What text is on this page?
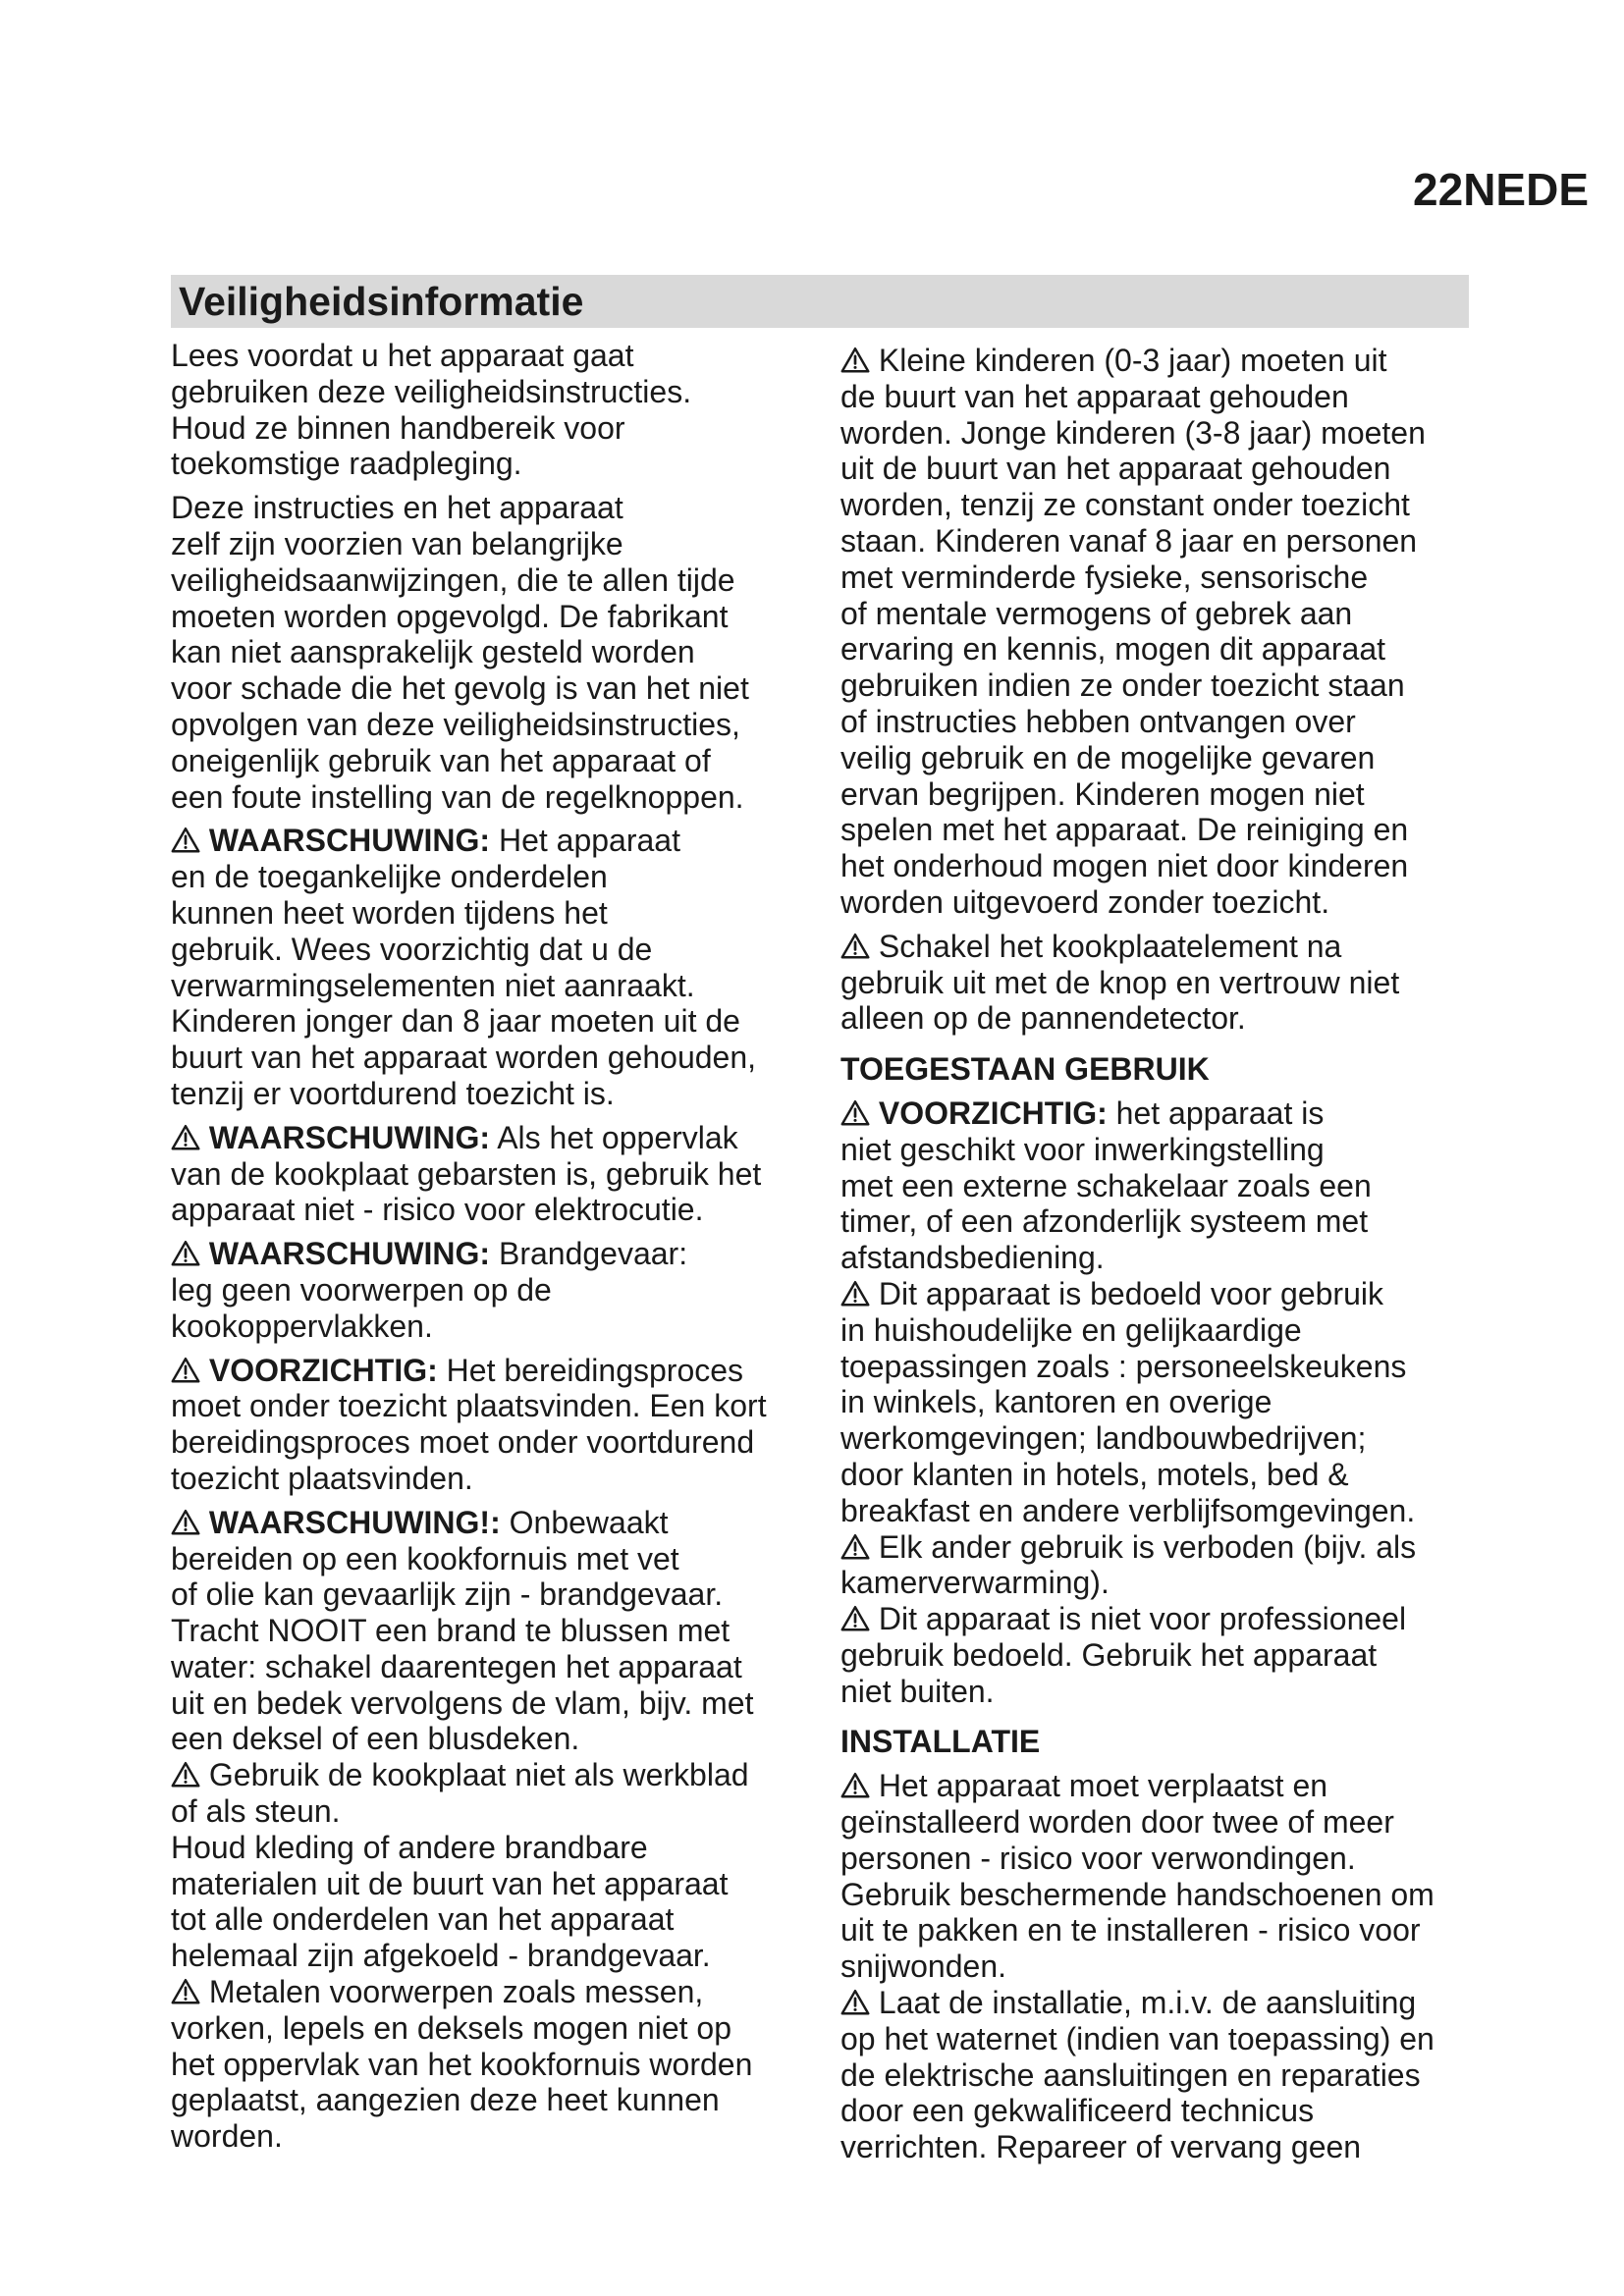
22NEDE
Veiligheidsinformatie

Lees voordat u het apparaat gaat
gebruiken deze veiligheidsinstructies.
Houd ze binnen handbereik voor
toekomstige raadpleging.

Deze instructies en het apparaat
zelf zijn voorzien van belangrijke
veiligheidsaanwijzingen, die te allen tijde
moeten worden opgevolgd. De fabrikant
kan niet aansprakelijk gesteld worden
voor schade die het gevolg is van het niet
opvolgen van deze veiligheidsinstructies,
oneigenlijk gebruik van het apparaat of
een foute instelling van de regelknoppen.

WAARSCHUWING: Het apparaat
en de toegankelijke onderdelen
kunnen heet worden tijdens het
gebruik. Wees voorzichtig dat u de
verwarmingselementen niet aanraakt.
Kinderen jonger dan 8 jaar moeten uit de
buurt van het apparaat worden gehouden,
tenzij er voortdurend toezicht is.

WAARSCHUWING: Als het oppervlak
van de kookplaat gebarsten is, gebruik het
apparaat niet - risico voor elektrocutie.

WAARSCHUWING: Brandgevaar:
leg geen voorwerpen op de
kookoppervlakken.

VOORZICHTIG: Het bereidingsproces
moet onder toezicht plaatsvinden. Een kort
bereidingsproces moet onder voortdurend
toezicht plaatsvinden.

WAARSCHUWING!: Onbewaakt
bereiden op een kookfornuis met vet
of olie kan gevaarlijk zijn - brandgevaar.
Tracht NOOIT een brand te blussen met
water: schakel daarentegen het apparaat
uit en bedek vervolgens de vlam, bijv. met
een deksel of een blusdeken.

Gebruik de kookplaat niet als werkblad
of als steun.

Houd kleding of andere brandbare
materialen uit de buurt van het apparaat
tot alle onderdelen van het apparaat
helemaal zijn afgekoeld - brandgevaar.

Metalen voorwerpen zoals messen,
vorken, lepels en deksels mogen niet op
het oppervlak van het kookfornuis worden
geplaatst, aangezien deze heet kunnen
worden.

Kleine kinderen (0-3 jaar) moeten uit
de buurt van het apparaat gehouden
worden. Jonge kinderen (3-8 jaar) moeten
uit de buurt van het apparaat gehouden
worden, tenzij ze constant onder toezicht
staan. Kinderen vanaf 8 jaar en personen
met verminderde fysieke, sensorische
of mentale vermogens of gebrek aan
ervaring en kennis, mogen dit apparaat
gebruiken indien ze onder toezicht staan
of instructies hebben ontvangen over
veilig gebruik en de mogelijke gevaren
ervan begrijpen. Kinderen mogen niet
spelen met het apparaat. De reiniging en
het onderhoud mogen niet door kinderen
worden uitgevoerd zonder toezicht.

Schakel het kookplaatelement na
gebruik uit met de knop en vertrouw niet
alleen op de pannendetector.

TOEGESTAAN GEBRUIK

VOORZICHTIG: het apparaat is
niet geschikt voor inwerkingstelling
met een externe schakelaar zoals een
timer, of een afzonderlijk systeem met
afstandsbediening.

Dit apparaat is bedoeld voor gebruik
in huishoudelijke en gelijkaardige
toepassingen zoals : personeelskeukens
in winkels, kantoren en overige
werkomgevingen; landbouwbedrijven;
door klanten in hotels, motels, bed &
breakfast en andere verblijfsomgevingen.

Elk ander gebruik is verboden (bijv. als
kamerverwarming).

Dit apparaat is niet voor professioneel
gebruik bedoeld. Gebruik het apparaat
niet buiten.

INSTALLATIE

Het apparaat moet verplaatst en
geïnstalleerd worden door twee of meer
personen - risico voor verwondingen.
Gebruik beschermende handschoenen om
uit te pakken en te installeren - risico voor
snijwonden.

Laat de installatie, m.i.v. de aansluiting
op het waternet (indien van toepassing) en
de elektrische aansluitingen en reparaties
door een gekwalificeerd technicus
verrichten. Repareer of vervang geen
